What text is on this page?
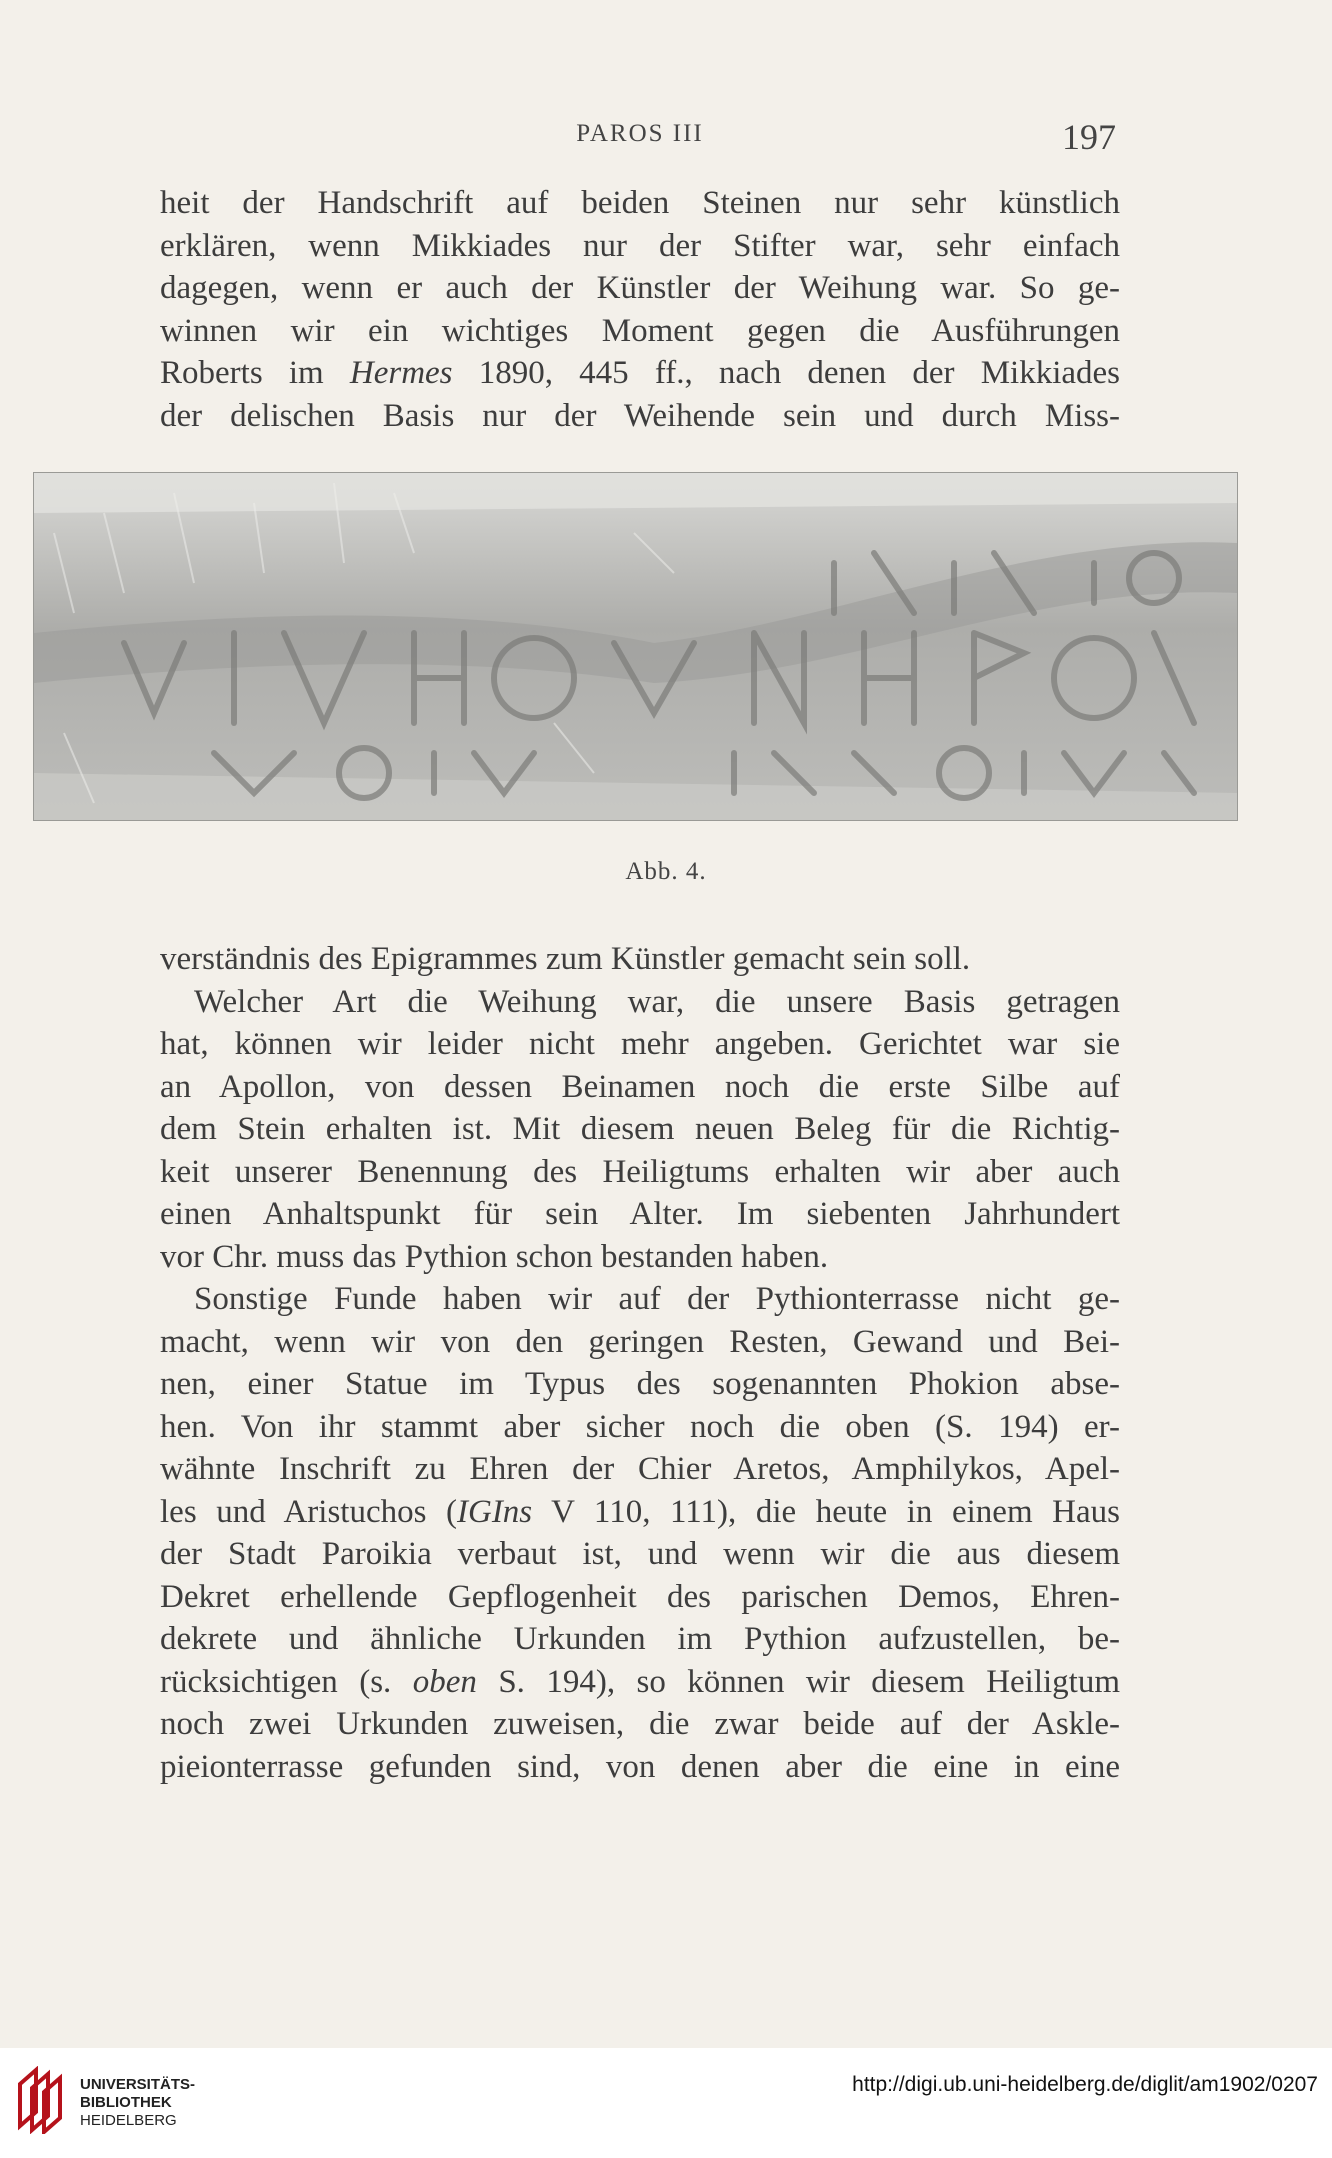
PAROS III	197
heit der Handschrift auf beiden Steinen nur sehr künstlich
erklären, wenn Mikkiades nur der Stifter war, sehr einfach
dagegen, wenn er auch der Künstler der Weihung war. So ge-
winnen wir ein wichtiges Moment gegen die Ausführungen
Roberts im Hermes 1890, 445 ff., nach denen der Mikkiades
der delischen Basis nur der Weihende sein und durch Miss-
Abb. 4.
verständnis des Epigrammes zum Künstler gemacht sein soll.
Welcher Art die Weihung war, die unsere Basis getragen
hat, können wir leider nicht mehr angeben. Gerichtet war sie
an Apollon, von dessen Beinamen noch die erste Silbe auf
dem Stein erhalten ist. Mit diesem neuen Beleg für die Richtig-
keit unserer Benennung des Heiligtums erhalten wir aber auch
einen Anhaltspunkt für sein Alter. Im siebenten Jahrhundert
vor Chr. muss das Pythion schon bestanden haben.
Sonstige Funde haben wir auf der Pythionterrasse nicht ge-
macht, wenn wir von den geringen Resten, Gewand und Bei-
nen, einer Statue im Typus des sogenannten Phokion abse-
hen. Von ihr stammt aber sicher noch die oben (S. 194) er-
wähnte Inschrift zu Ehren der Chier Aretos, Amphilykos, Apel-
les und Aristuchos (IGIns V 110, 111), die heute in einem Haus
der Stadt Paroikia verbaut ist, und wenn wir die aus diesem
Dekret erhellende Gepflogenheit des parischen Demos, Ehren-
dekrete und ähnliche Urkunden im Pythion aufzustellen, be-
rücksichtigen (s. oben S. 194), so können wir diesem Heiligtum
noch zwei Urkunden zuweisen, die zwar beide auf der Askle-
pieionterrasse gefunden sind, von denen aber die eine in eine
UNIVERSITÄTS-
BIBLIOTHEK
HEIDELBERG
http://digi.ub.uni-heidelberg.de/diglit/am1902/0207
